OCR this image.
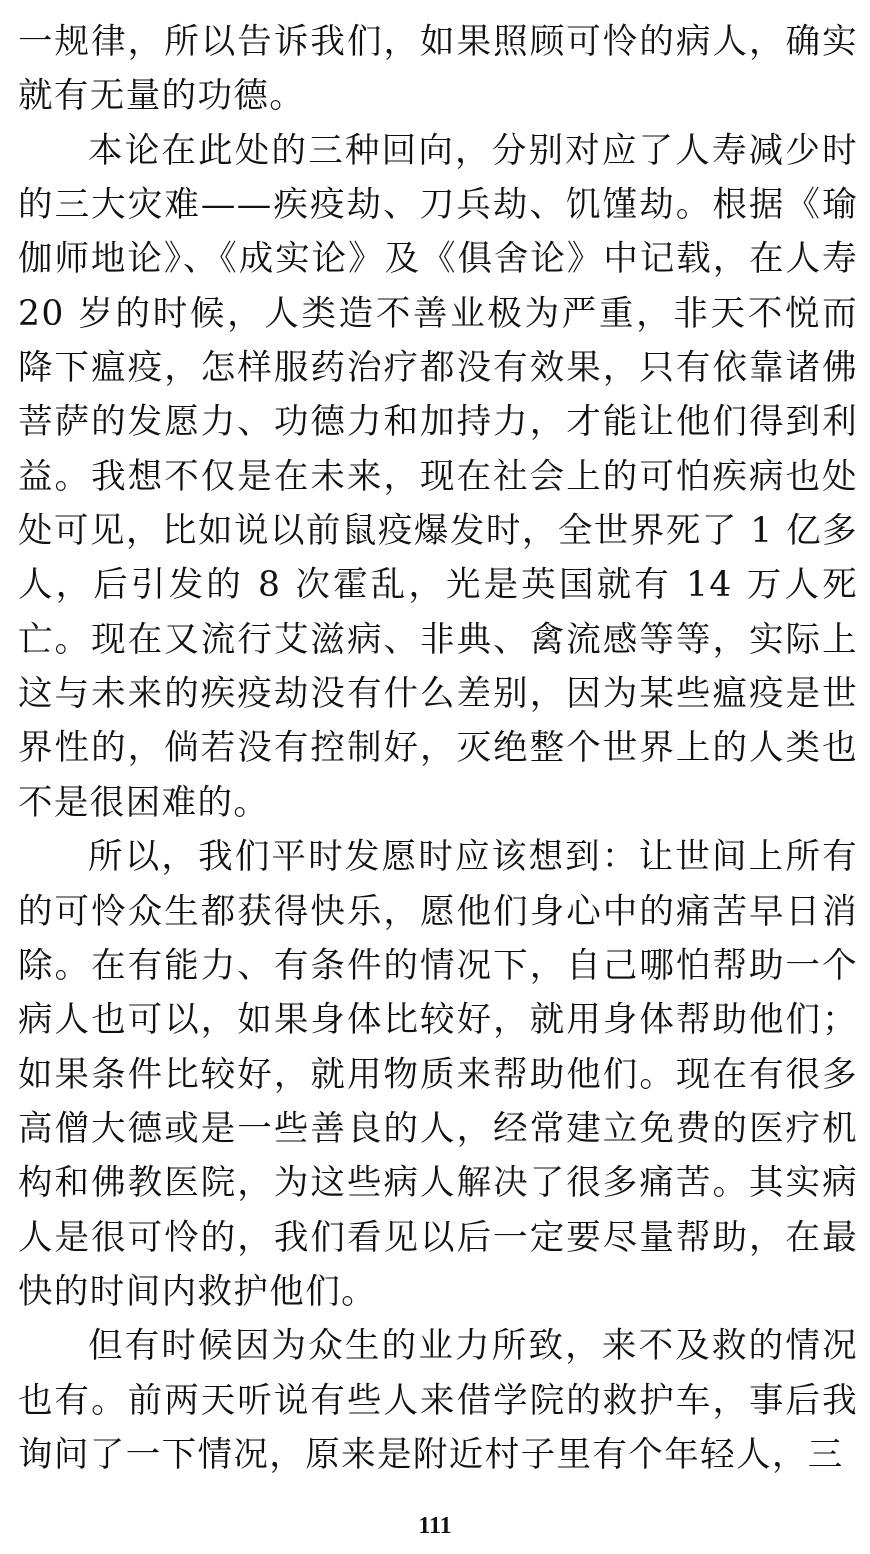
一规律，所以告诉我们，如果照顾可怜的病人，确实就有无量的功德。

本论在此处的三种回向，分别对应了人寿减少时的三大灾难——疾疫劫、刀兵劫、饥馑劫。根据《瑜伽师地论》、《成实论》及《俱舍论》中记载，在人寿20 岁的时候，人类造不善业极为严重，非天不悦而降下瘟疫，怎样服药治疗都没有效果，只有依靠诸佛菩萨的发愿力、功德力和加持力，才能让他们得到利益。我想不仅是在未来，现在社会上的可怕疾病也处处可见，比如说以前鼠疫爆发时，全世界死了 1 亿多人，后引发的 8 次霍乱，光是英国就有 14 万人死亡。现在又流行艾滋病、非典、禽流感等等，实际上这与未来的疾疫劫没有什么差别，因为某些瘟疫是世界性的，倘若没有控制好，灭绝整个世界上的人类也不是很困难的。

所以，我们平时发愿时应该想到：让世间上所有的可怜众生都获得快乐，愿他们身心中的痛苦早日消除。在有能力、有条件的情况下，自己哪怕帮助一个病人也可以，如果身体比较好，就用身体帮助他们；如果条件比较好，就用物质来帮助他们。现在有很多高僧大德或是一些善良的人，经常建立免费的医疗机构和佛教医院，为这些病人解决了很多痛苦。其实病人是很可怜的，我们看见以后一定要尽量帮助，在最快的时间内救护他们。

但有时候因为众生的业力所致，来不及救的情况也有。前两天听说有些人来借学院的救护车，事后我询问了一下情况，原来是附近村子里有个年轻人，三

111
